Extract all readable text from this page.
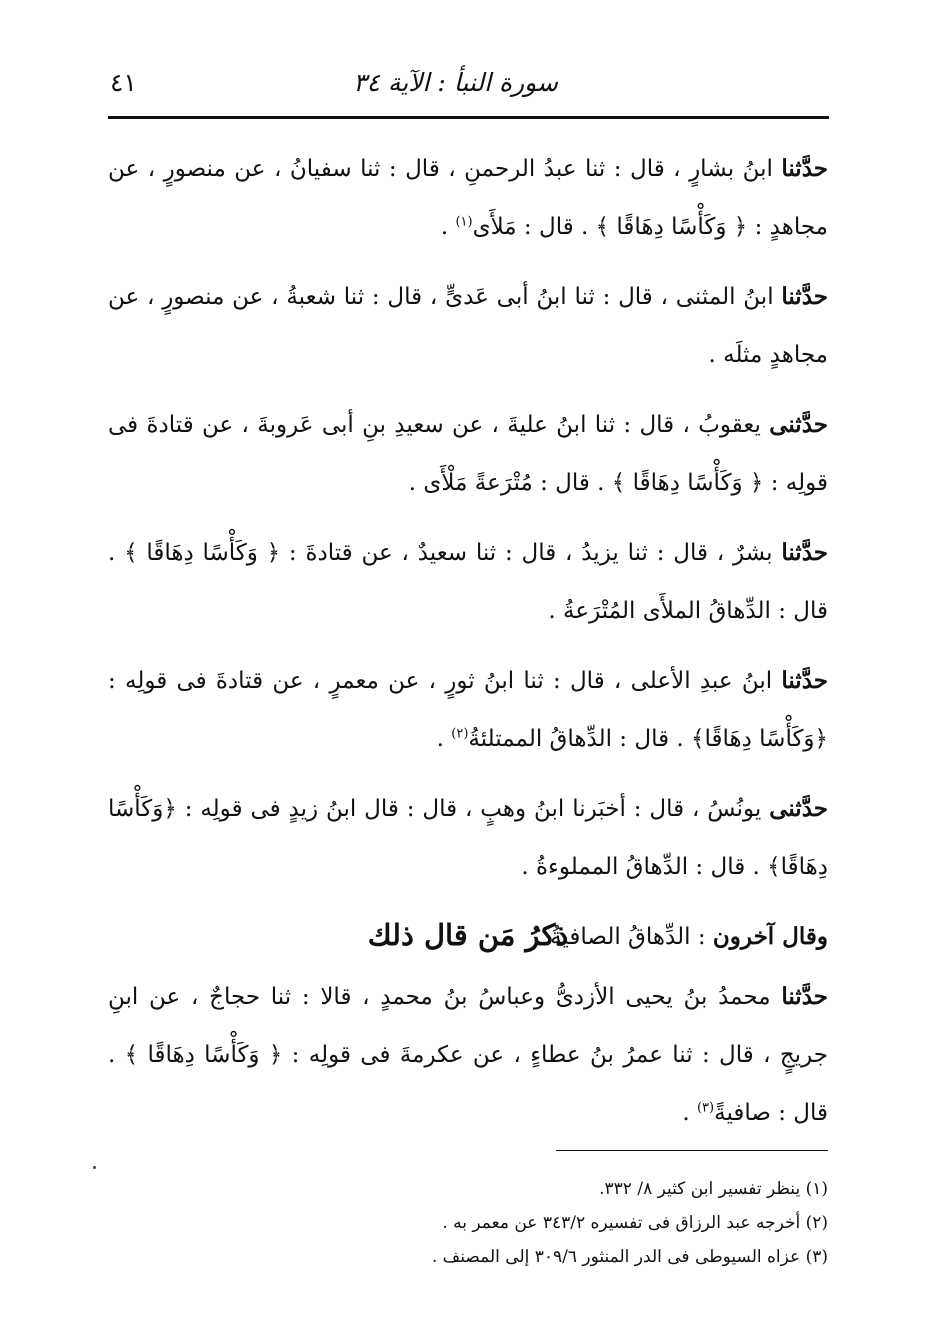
سورة النبأ : الآية ٣٤
٤١

حدَّثنا ابنُ بشارٍ ، قال : ثنا عبدُ الرحمنِ ، قال : ثنا سفيانُ ، عن منصورٍ ، عن مجاهدٍ : ﴿ وَكَأْسًا دِهَاقًا ﴾ . قال : مَلأَى$^{(١)}$ .

حدَّثنا ابنُ المثنى ، قال : ثنا ابنُ أبى عَدىٍّ ، قال : ثنا شعبةُ ، عن منصورٍ ، عن مجاهدٍ مثلَه .

حدَّثنى يعقوبُ ، قال : ثنا ابنُ عليةَ ، عن سعيدِ بنِ أبى عَروبةَ ، عن قتادةَ فى قولِه : ﴿ وَكَأْسًا دِهَاقًا ﴾ . قال : مُتْرَعةً مَلْأَى .

حدَّثنا بشرٌ ، قال : ثنا يزيدُ ، قال : ثنا سعيدٌ ، عن قتادةَ : ﴿ وَكَأْسًا دِهَاقًا ﴾ . قال : الدِّهاقُ الملأَى المُتْرَعةُ .

حدَّثنا ابنُ عبدِ الأعلى ، قال : ثنا ابنُ ثورٍ ، عن معمرٍ ، عن قتادةَ فى قولِه : ﴿وَكَأْسًا دِهَاقًا﴾ . قال : الدِّهاقُ الممتلئةُ$^{(٢)}$ .

حدَّثنى يونُسُ ، قال : أخبَرنا ابنُ وهبٍ ، قال : قال ابنُ زيدٍ فى قولِه : ﴿وَكَأْسًا دِهَاقًا﴾ . قال : الدِّهاقُ المملوءةُ .

وقال آخرون : الدِّهاقُ الصافيةُ .

ذكرُ مَن قال ذلك

حدَّثنا محمدُ بنُ يحيى الأزدىُّ وعباسُ بنُ محمدٍ ، قالا : ثنا حجاجٌ ، عن ابنِ جريجٍ ، قال : ثنا عمرُ بنُ عطاءٍ ، عن عكرمةَ فى قولِه : ﴿ وَكَأْسًا دِهَاقًا ﴾ . قال : صافيةً$^{(٣)}$ .

(١) ينظر تفسير ابن كثير ٨/ ٣٣٢.

(٢) أخرجه عبد الرزاق فى تفسيره ٣٤٣/٢ عن معمر به .

(٣) عزاه السيوطى فى الدر المنثور ٣٠٩/٦ إلى المصنف .
